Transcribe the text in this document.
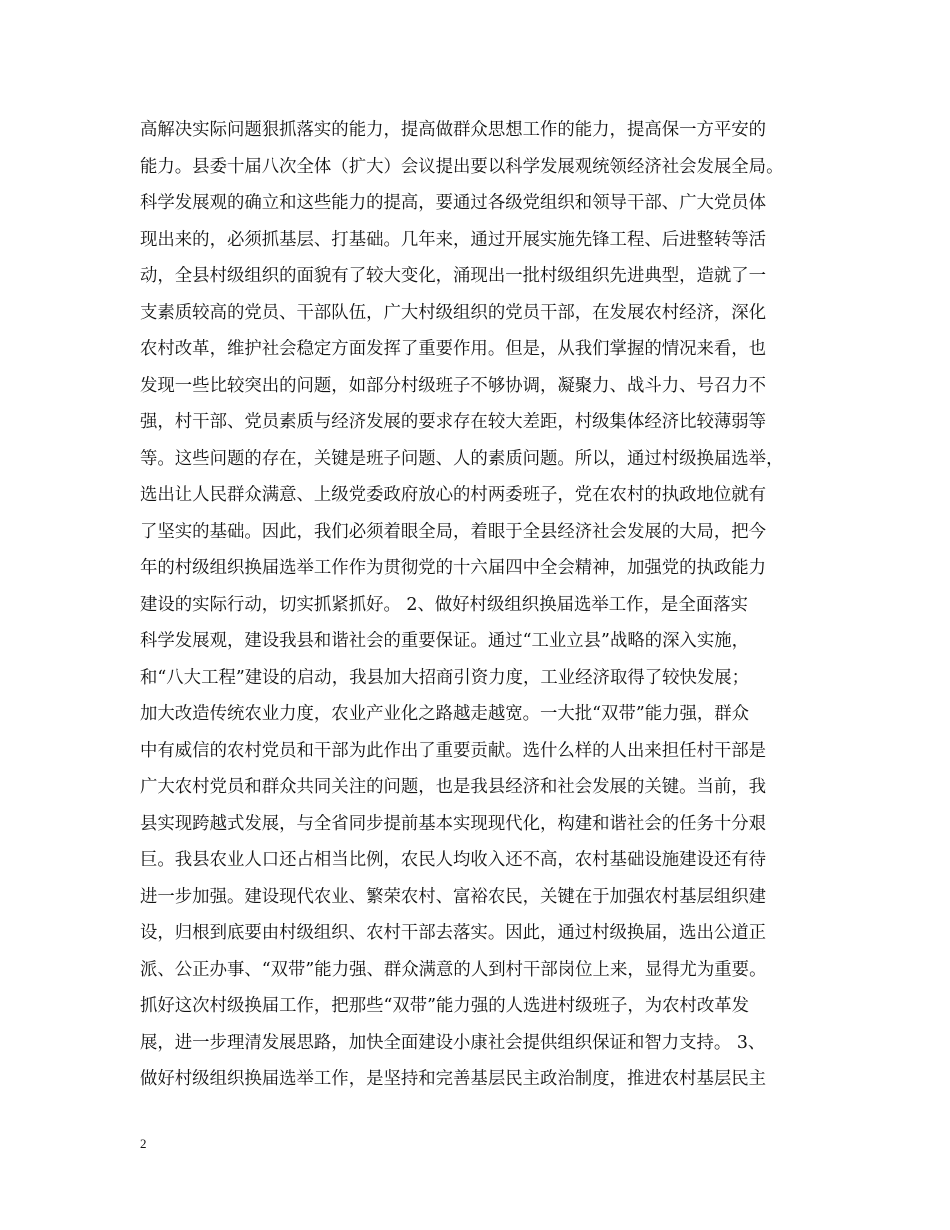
高解决实际问题狠抓落实的能力，提高做群众思想工作的能力，提高保一方平安的
能力。县委十届八次全体（扩大）会议提出要以科学发展观统领经济社会发展全局。
科学发展观的确立和这些能力的提高，要通过各级党组织和领导干部、广大党员体
现出来的，必须抓基层、打基础。几年来，通过开展实施先锋工程、后进整转等活
动，全县村级组织的面貌有了较大变化，涌现出一批村级组织先进典型，造就了一
支素质较高的党员、干部队伍，广大村级组织的党员干部，在发展农村经济，深化
农村改革，维护社会稳定方面发挥了重要作用。但是，从我们掌握的情况来看，也
发现一些比较突出的问题，如部分村级班子不够协调，凝聚力、战斗力、号召力不
强，村干部、党员素质与经济发展的要求存在较大差距，村级集体经济比较薄弱等
等。这些问题的存在，关键是班子问题、人的素质问题。所以，通过村级换届选举，
选出让人民群众满意、上级党委政府放心的村两委班子，党在农村的执政地位就有
了坚实的基础。因此，我们必须着眼全局，着眼于全县经济社会发展的大局，把今
年的村级组织换届选举工作作为贯彻党的十六届四中全会精神，加强党的执政能力
建设的实际行动，切实抓紧抓好。 2、做好村级组织换届选举工作，是全面落实
科学发展观，建设我县和谐社会的重要保证。通过“工业立县”战略的深入实施，
和“八大工程”建设的启动，我县加大招商引资力度，工业经济取得了较快发展；
加大改造传统农业力度，农业产业化之路越走越宽。一大批“双带”能力强，群众
中有威信的农村党员和干部为此作出了重要贡献。选什么样的人出来担任村干部是
广大农村党员和群众共同关注的问题，也是我县经济和社会发展的关键。当前，我
县实现跨越式发展，与全省同步提前基本实现现代化，构建和谐社会的任务十分艰
巨。我县农业人口还占相当比例，农民人均收入还不高，农村基础设施建设还有待
进一步加强。建设现代农业、繁荣农村、富裕农民，关键在于加强农村基层组织建
设，归根到底要由村级组织、农村干部去落实。因此，通过村级换届，选出公道正
派、公正办事、“双带”能力强、群众满意的人到村干部岗位上来，显得尤为重要。
抓好这次村级换届工作，把那些“双带”能力强的人选进村级班子，为农村改革发
展，进一步理清发展思路，加快全面建设小康社会提供组织保证和智力支持。 3、
做好村级组织换届选举工作，是坚持和完善基层民主政治制度，推进农村基层民主
2
